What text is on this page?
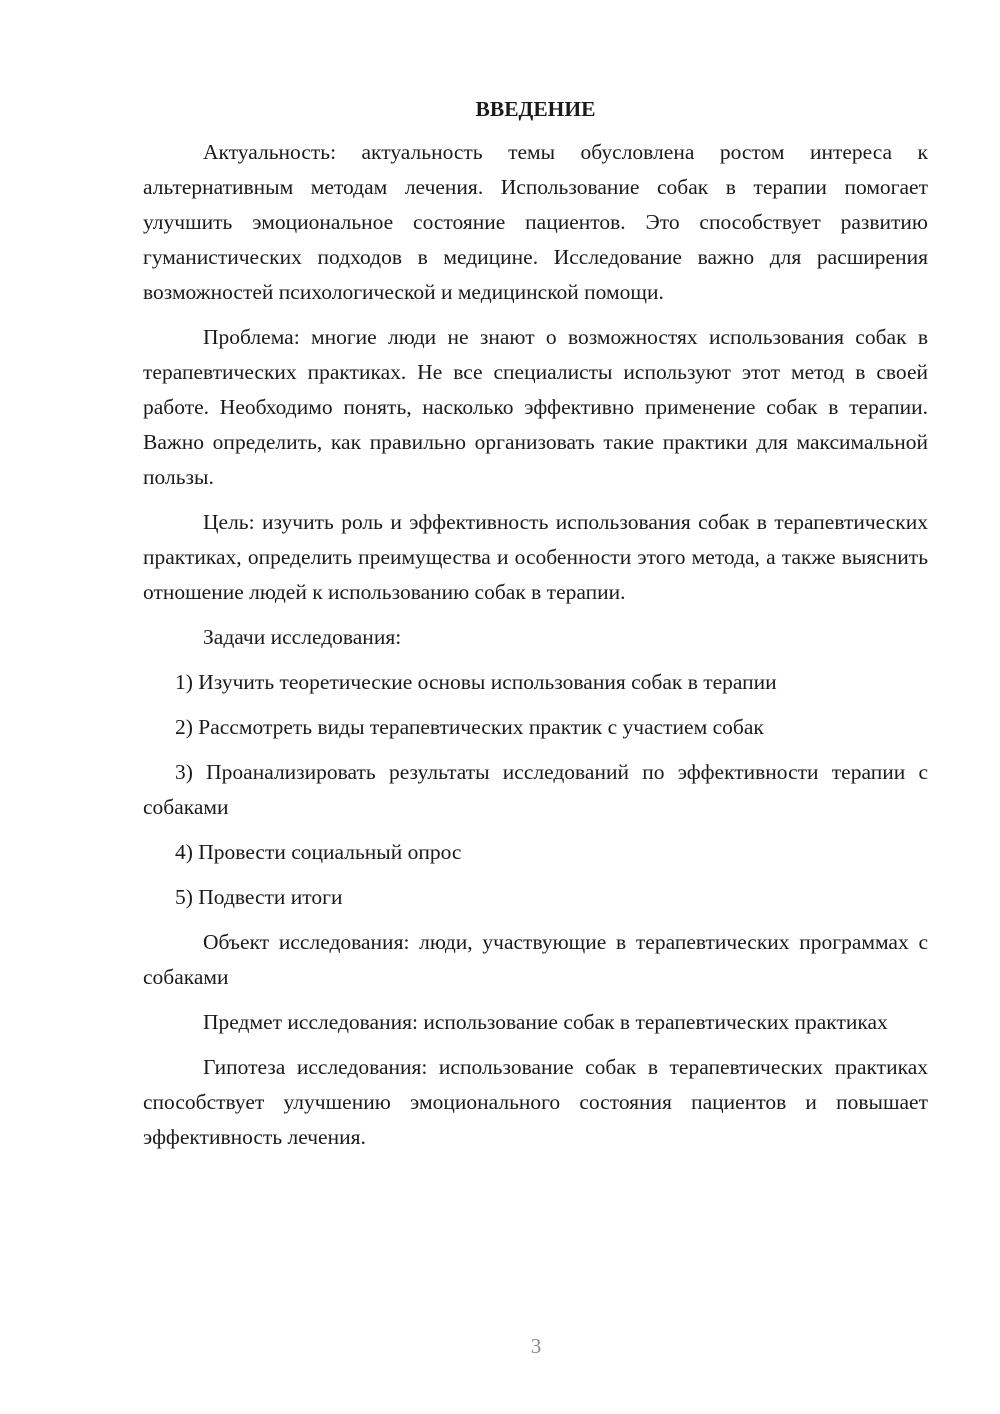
ВВЕДЕНИЕ

Актуальность: актуальность темы обусловлена ростом интереса к альтернативным методам лечения. Использование собак в терапии помогает улучшить эмоциональное состояние пациентов. Это способствует развитию гуманистических подходов в медицине. Исследование важно для расширения возможностей психологической и медицинской помощи.

Проблема: многие люди не знают о возможностях использования собак в терапевтических практиках. Не все специалисты используют этот метод в своей работе. Необходимо понять, насколько эффективно применение собак в терапии. Важно определить, как правильно организовать такие практики для максимальной пользы.

Цель: изучить роль и эффективность использования собак в терапевтических практиках, определить преимущества и особенности этого метода, а также выяснить отношение людей к использованию собак в терапии.

Задачи исследования:

1) Изучить теоретические основы использования собак в терапии

2) Рассмотреть виды терапевтических практик с участием собак

3) Проанализировать результаты исследований по эффективности терапии с собаками

4) Провести социальный опрос

5) Подвести итоги

Объект исследования: люди, участвующие в терапевтических программах с собаками

Предмет исследования: использование собак в терапевтических практиках

Гипотеза исследования: использование собак в терапевтических практиках способствует улучшению эмоционального состояния пациентов и повышает эффективность лечения.

3
